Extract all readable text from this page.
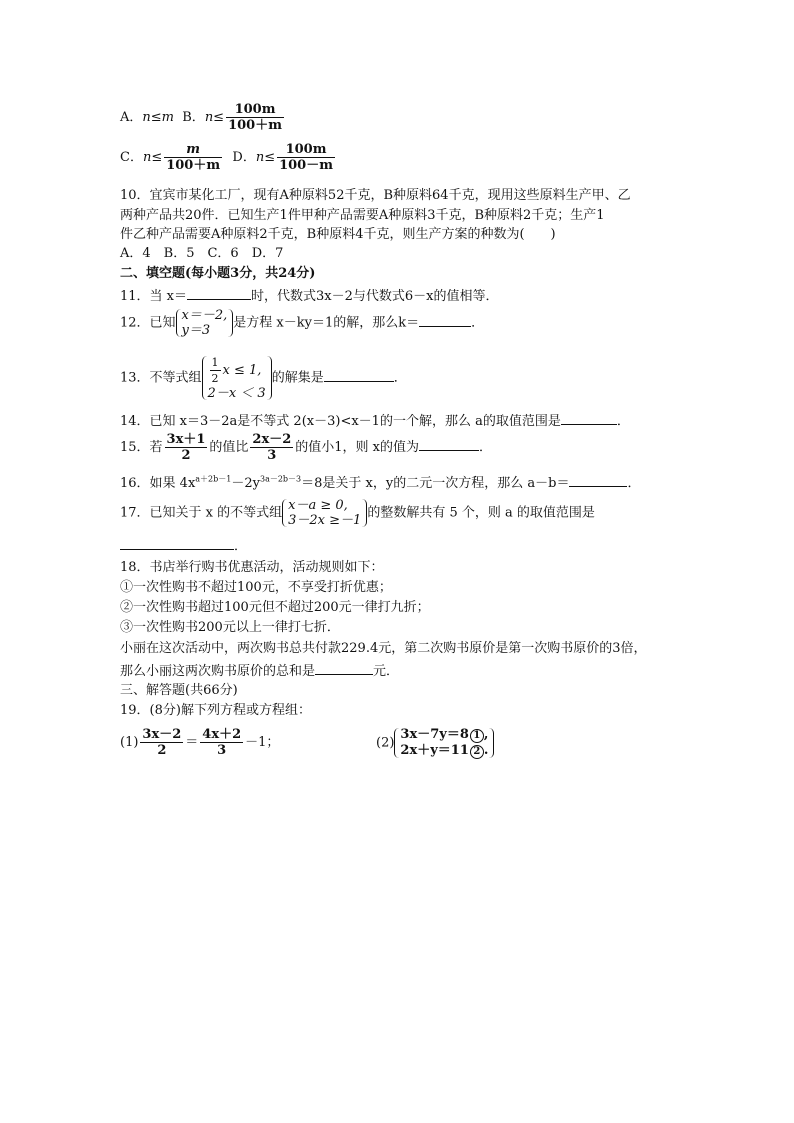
A．n≤m B．$n\le \frac{100m}{100+m}$
C．$n\le \frac{m}{100+m}$ D．$n\le \frac{100m}{100-m}$
10．宜宾市某化工厂，现有A种原料52千克，B种原料64千克，现用这些原料生产甲、乙
两种产品共20件．已知生产1件甲种产品需要A种原料3千克，B种原料2千克；生产1
件乙种产品需要A种原料2千克，B种原料4千克，则生产方案的种数为(　　)
A．4　B．5　C．6　D．7
二、填空题(每小题3分，共24分)
11．当 x＝	时，代数式3x－2与代数式6－x的值相等．
12．已知 x＝－2,
y＝3	是方程 x－ky＝1的解，那么k＝	．
13．不等式组 $\frac{1}{2}$ x ≤ 1,
2－x ＜ 3
的解集是	．
14．已知 x＝3－2a是不等式 2(x－3)<x－1的一个解，那么 a的取值范围是	．
15．若 $\frac{3x+1}{2}$ 的值比 $\frac{2x-2}{3}$ 的值小1，则 x的值为	．
16．如果 $4x^{a+2b-1}-2y^{3a-2b-3}=8$是关于 x，y的二元一次方程，那么 a－b＝	．
17．已知关于 x 的不等式组 x－a ≥ 0,
3－2x ≥－1 的整数解共有 5 个，则 a 的取值范围是
．
18．书店举行购书优惠活动，活动规则如下：
①一次性购书不超过100元，不享受打折优惠；
②一次性购书超过100元但不超过200元一律打九折；
③一次性购书200元以上一律打七折．
小丽在这次活动中，两次购书总共付款229.4元，第二次购书原价是第一次购书原价的3倍，
那么小丽这两次购书原价的总和是	元．
三、解答题(共66分)
19．(8分)解下列方程或方程组：
$(1) \frac{3x-2}{2} = \frac{4x+2}{3} -1$；	(2)
3x－7y＝8 1 ,
2x＋y＝11 2 .
